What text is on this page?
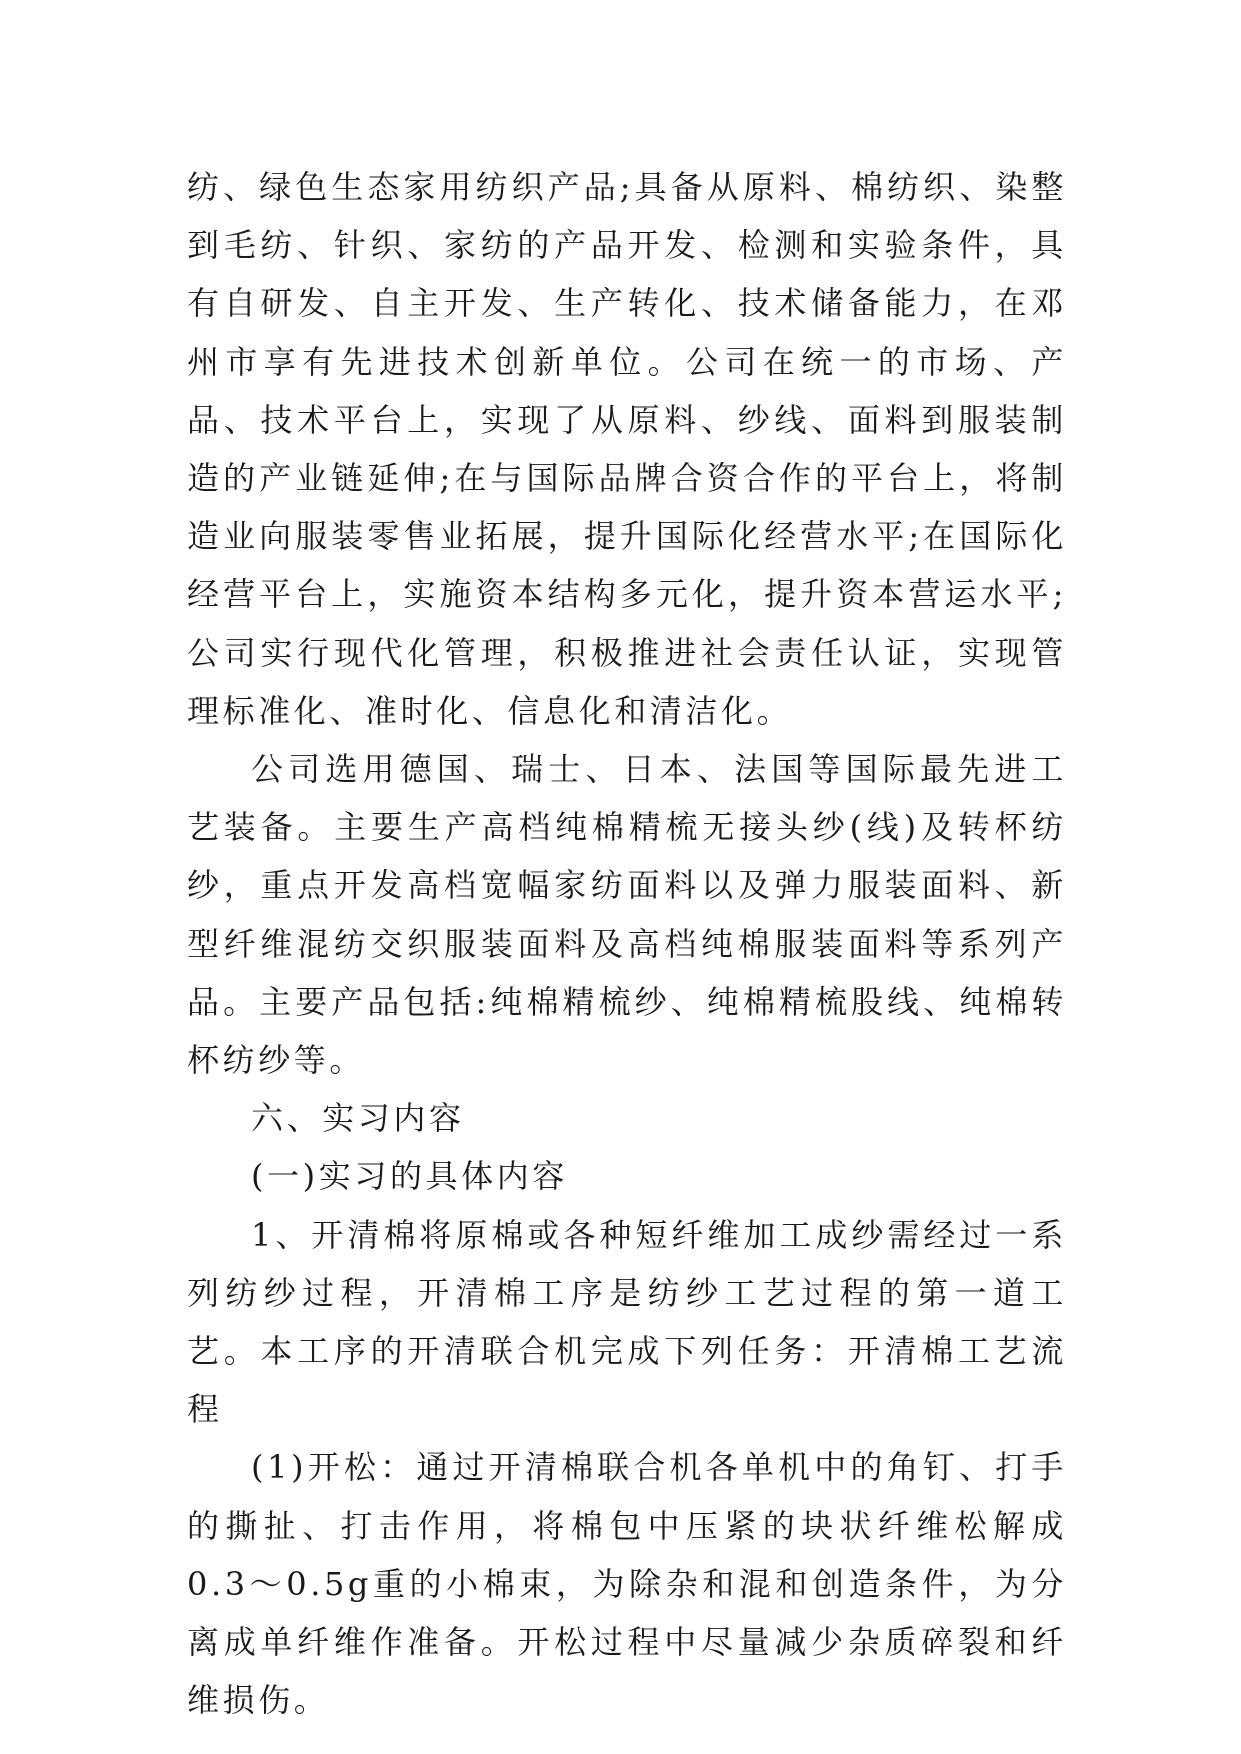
纺、绿色生态家用纺织产品;具备从原料、棉纺织、染整到毛纺、针织、家纺的产品开发、检测和实验条件，具有自研发、自主开发、生产转化、技术储备能力，在邓州市享有先进技术创新单位。公司在统一的市场、产品、技术平台上，实现了从原料、纱线、面料到服装制造的产业链延伸;在与国际品牌合资合作的平台上，将制造业向服装零售业拓展，提升国际化经营水平;在国际化经营平台上，实施资本结构多元化，提升资本营运水平;公司实行现代化管理，积极推进社会责任认证，实现管理标准化、准时化、信息化和清洁化。

公司选用德国、瑞士、日本、法国等国际最先进工艺装备。主要生产高档纯棉精梳无接头纱(线)及转杯纺纱，重点开发高档宽幅家纺面料以及弹力服装面料、新型纤维混纺交织服装面料及高档纯棉服装面料等系列产品。主要产品包括:纯棉精梳纱、纯棉精梳股线、纯棉转杯纺纱等。

六、实习内容

(一)实习的具体内容

1、开清棉将原棉或各种短纤维加工成纱需经过一系列纺纱过程，开清棉工序是纺纱工艺过程的第一道工艺。本工序的开清联合机完成下列任务：开清棉工艺流程

(1)开松：通过开清棉联合机各单机中的角钉、打手的撕扯、打击作用，将棉包中压紧的块状纤维松解成0.3～0.5g重的小棉束，为除杂和混和创造条件，为分离成单纤维作准备。开松过程中尽量减少杂质碎裂和纤维损伤。
